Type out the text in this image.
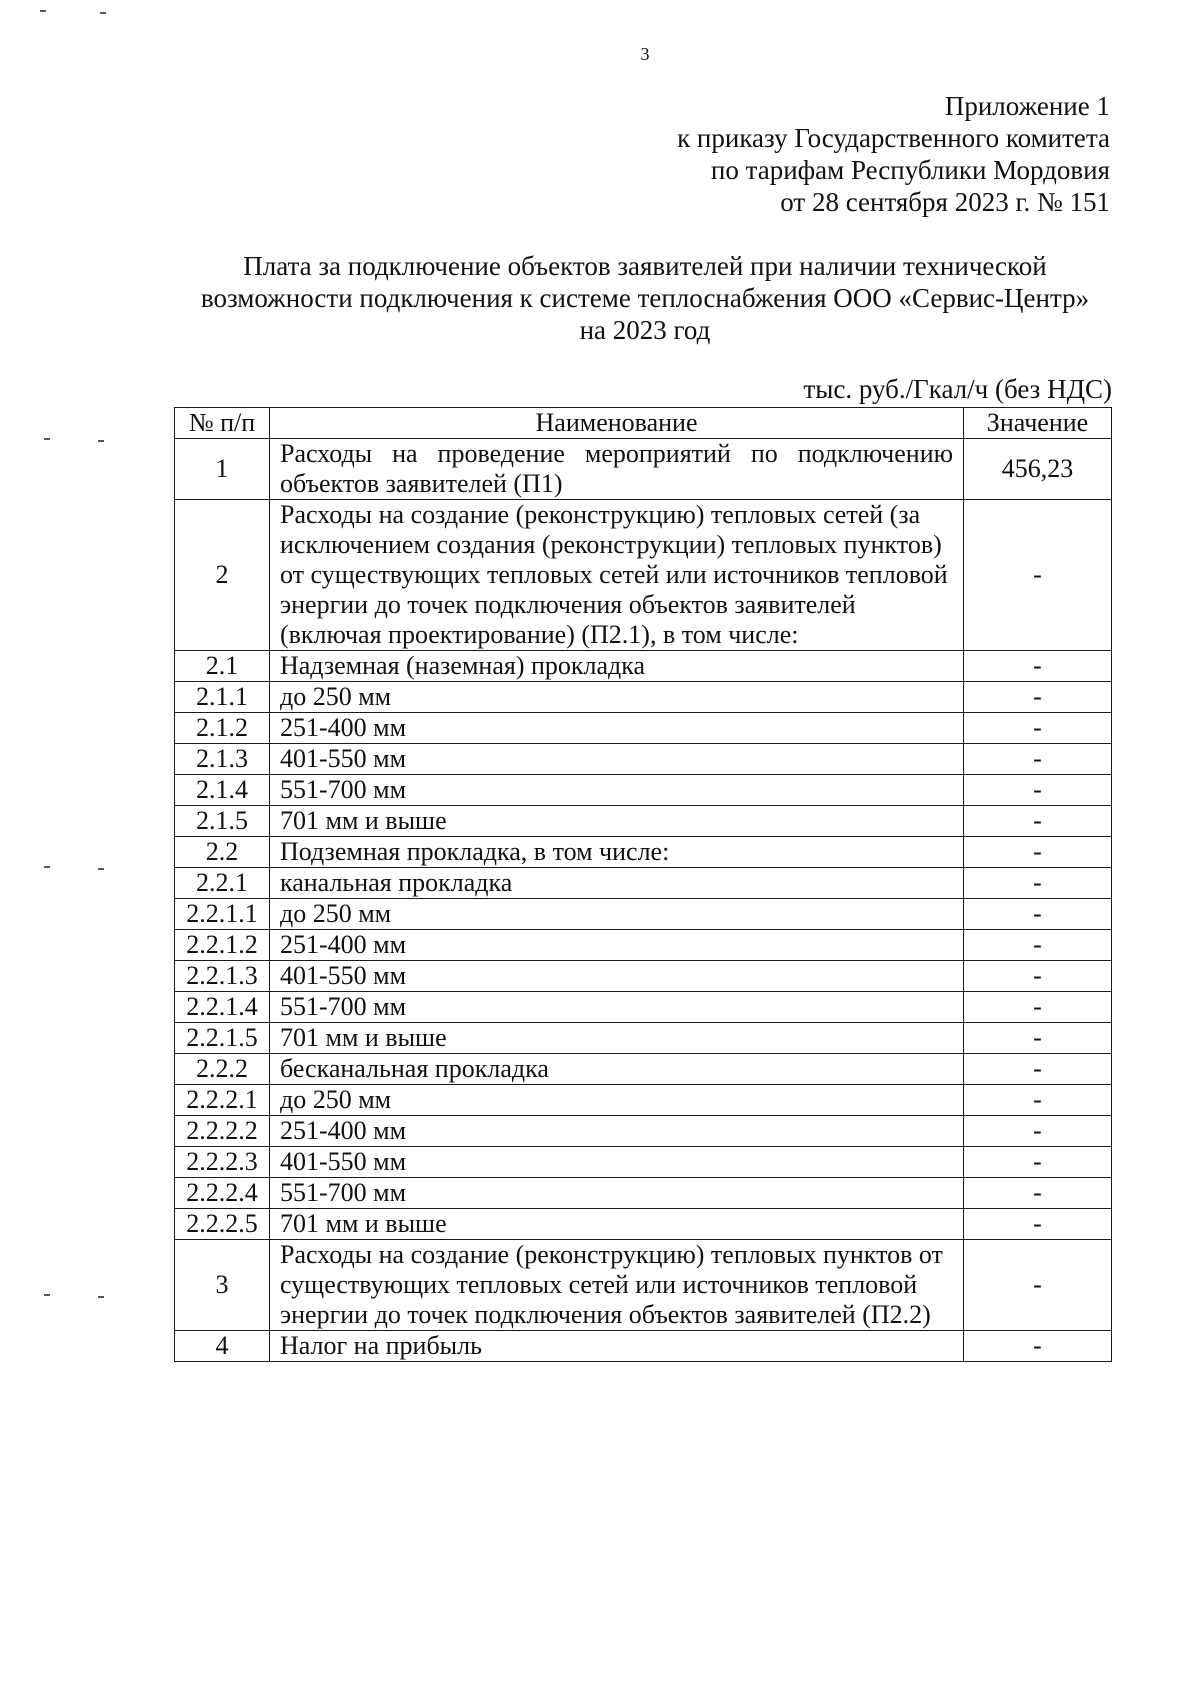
3
Приложение 1
к приказу Государственного комитета
по тарифам Республики Мордовия
от 28 сентября 2023 г. № 151
Плата за подключение объектов заявителей при наличии технической
возможности подключения к системе теплоснабжения ООО «Сервис-Центр»
на 2023 год
тыс. руб./Гкал/ч (без НДС)
№ п/п	Наименование	Значение
1	Расходы на проведение мероприятий по подключению объектов заявителей (П1)	456,23
2	Расходы на создание (реконструкцию) тепловых сетей (за исключением создания (реконструкции) тепловых пунктов) от существующих тепловых сетей или источников тепловой энергии до точек подключения объектов заявителей (включая проектирование) (П2.1), в том числе:	-
2.1	Надземная (наземная) прокладка	-
2.1.1	до 250 мм	-
2.1.2	251-400 мм	-
2.1.3	401-550 мм	-
2.1.4	551-700 мм	-
2.1.5	701 мм и выше	-
2.2	Подземная прокладка, в том числе:	-
2.2.1	канальная прокладка	-
2.2.1.1	до 250 мм	-
2.2.1.2	251-400 мм	-
2.2.1.3	401-550 мм	-
2.2.1.4	551-700 мм	-
2.2.1.5	701 мм и выше	-
2.2.2	бесканальная прокладка	-
2.2.2.1	до 250 мм	-
2.2.2.2	251-400 мм	-
2.2.2.3	401-550 мм	-
2.2.2.4	551-700 мм	-
2.2.2.5	701 мм и выше	-
3	Расходы на создание (реконструкцию) тепловых пунктов от существующих тепловых сетей или источников тепловой энергии до точек подключения объектов заявителей (П2.2)	-
4	Налог на прибыль	-
